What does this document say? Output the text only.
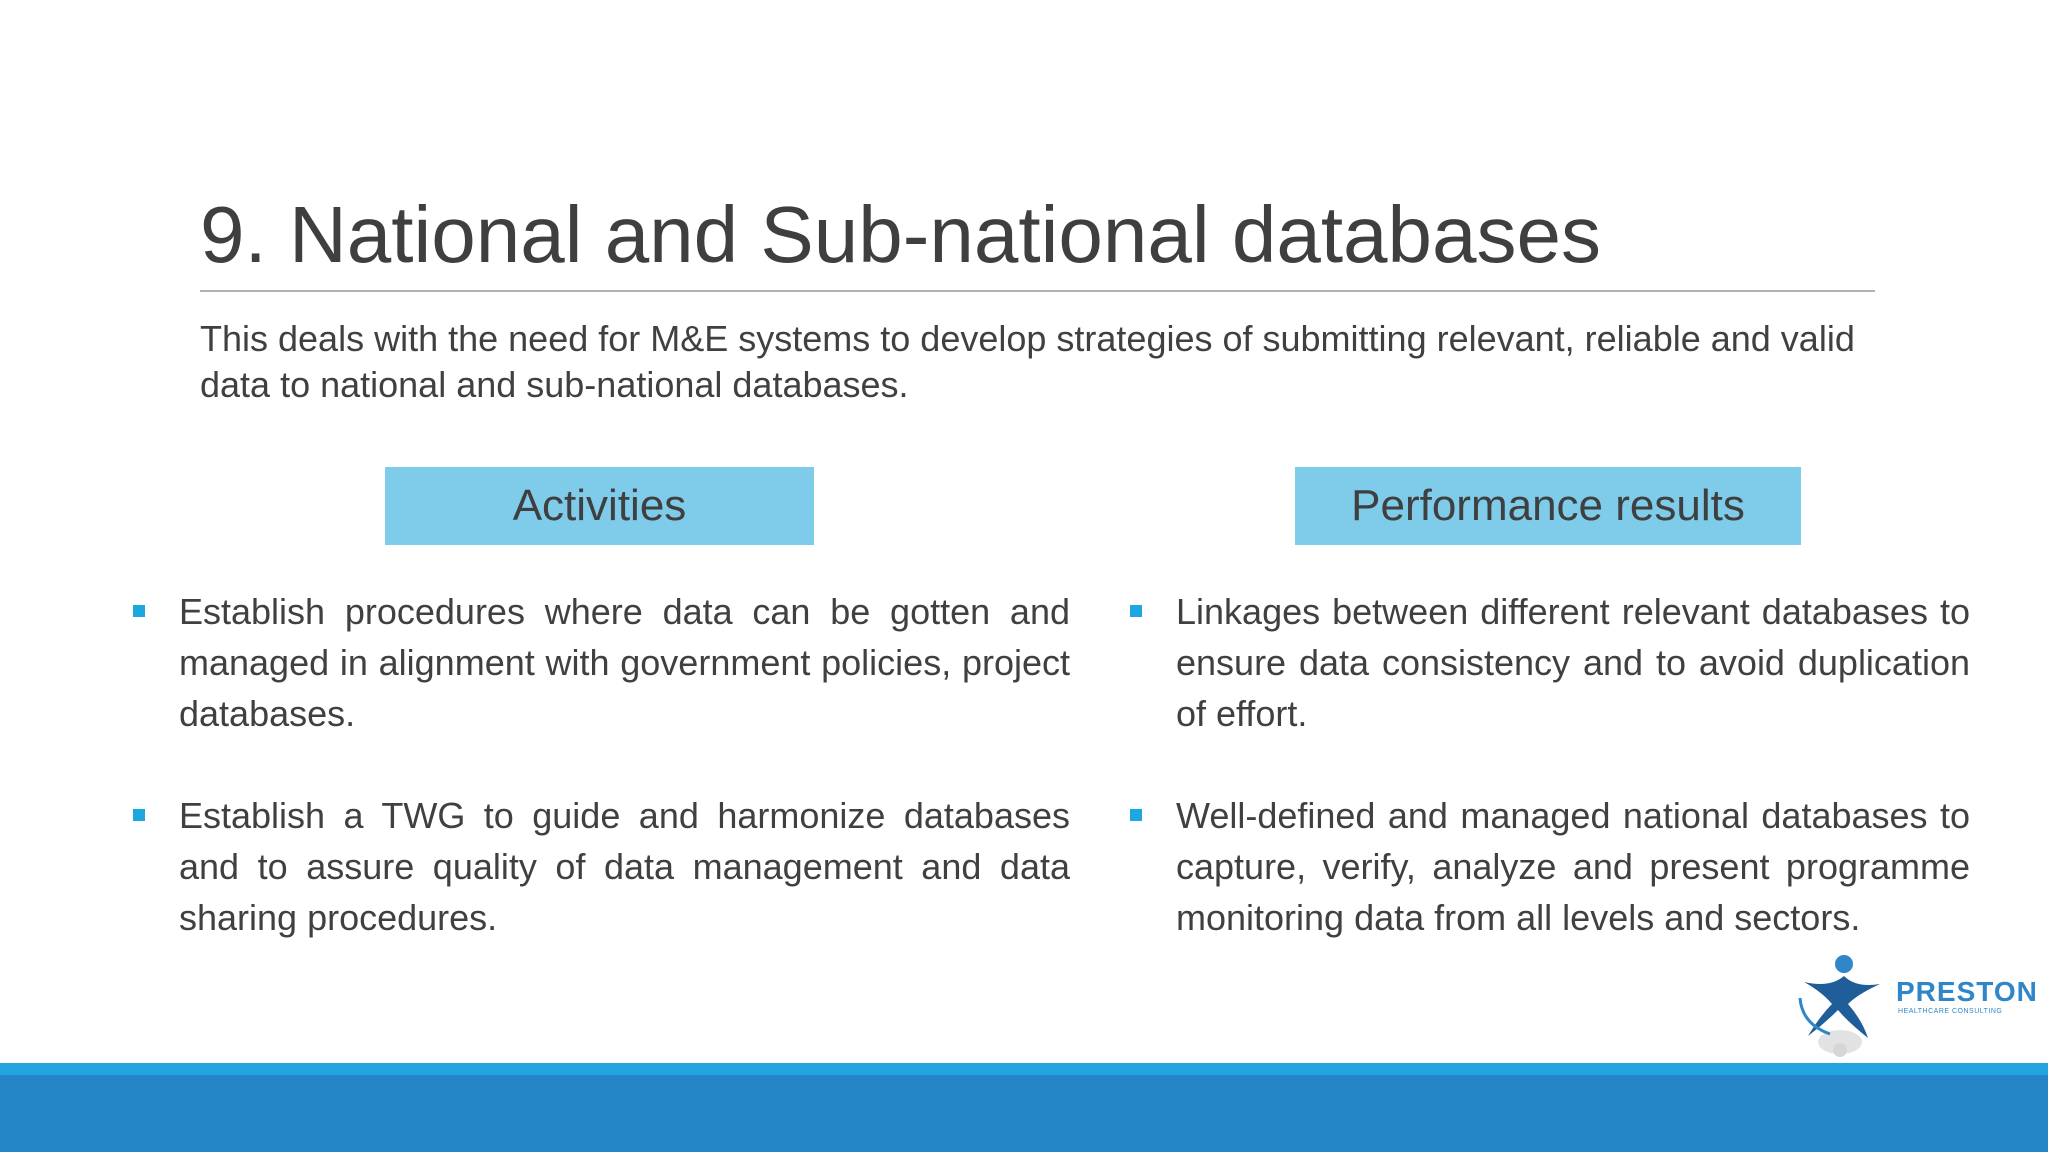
9. National and Sub-national databases
This deals with the need for M&E systems to develop strategies of submitting relevant, reliable and valid data to national and sub-national databases.
Activities	Performance results
Establish procedures where data can be gotten and managed in alignment with government policies, project databases.
Establish a TWG to guide and harmonize databases and to assure quality of data management and data sharing procedures.
Linkages between different relevant databases to ensure data consistency and to avoid duplication of effort.
Well-defined and managed national databases to capture, verify, analyze and present programme monitoring data from all levels and sectors.
PRESTON
HEALTHCARE CONSULTING
